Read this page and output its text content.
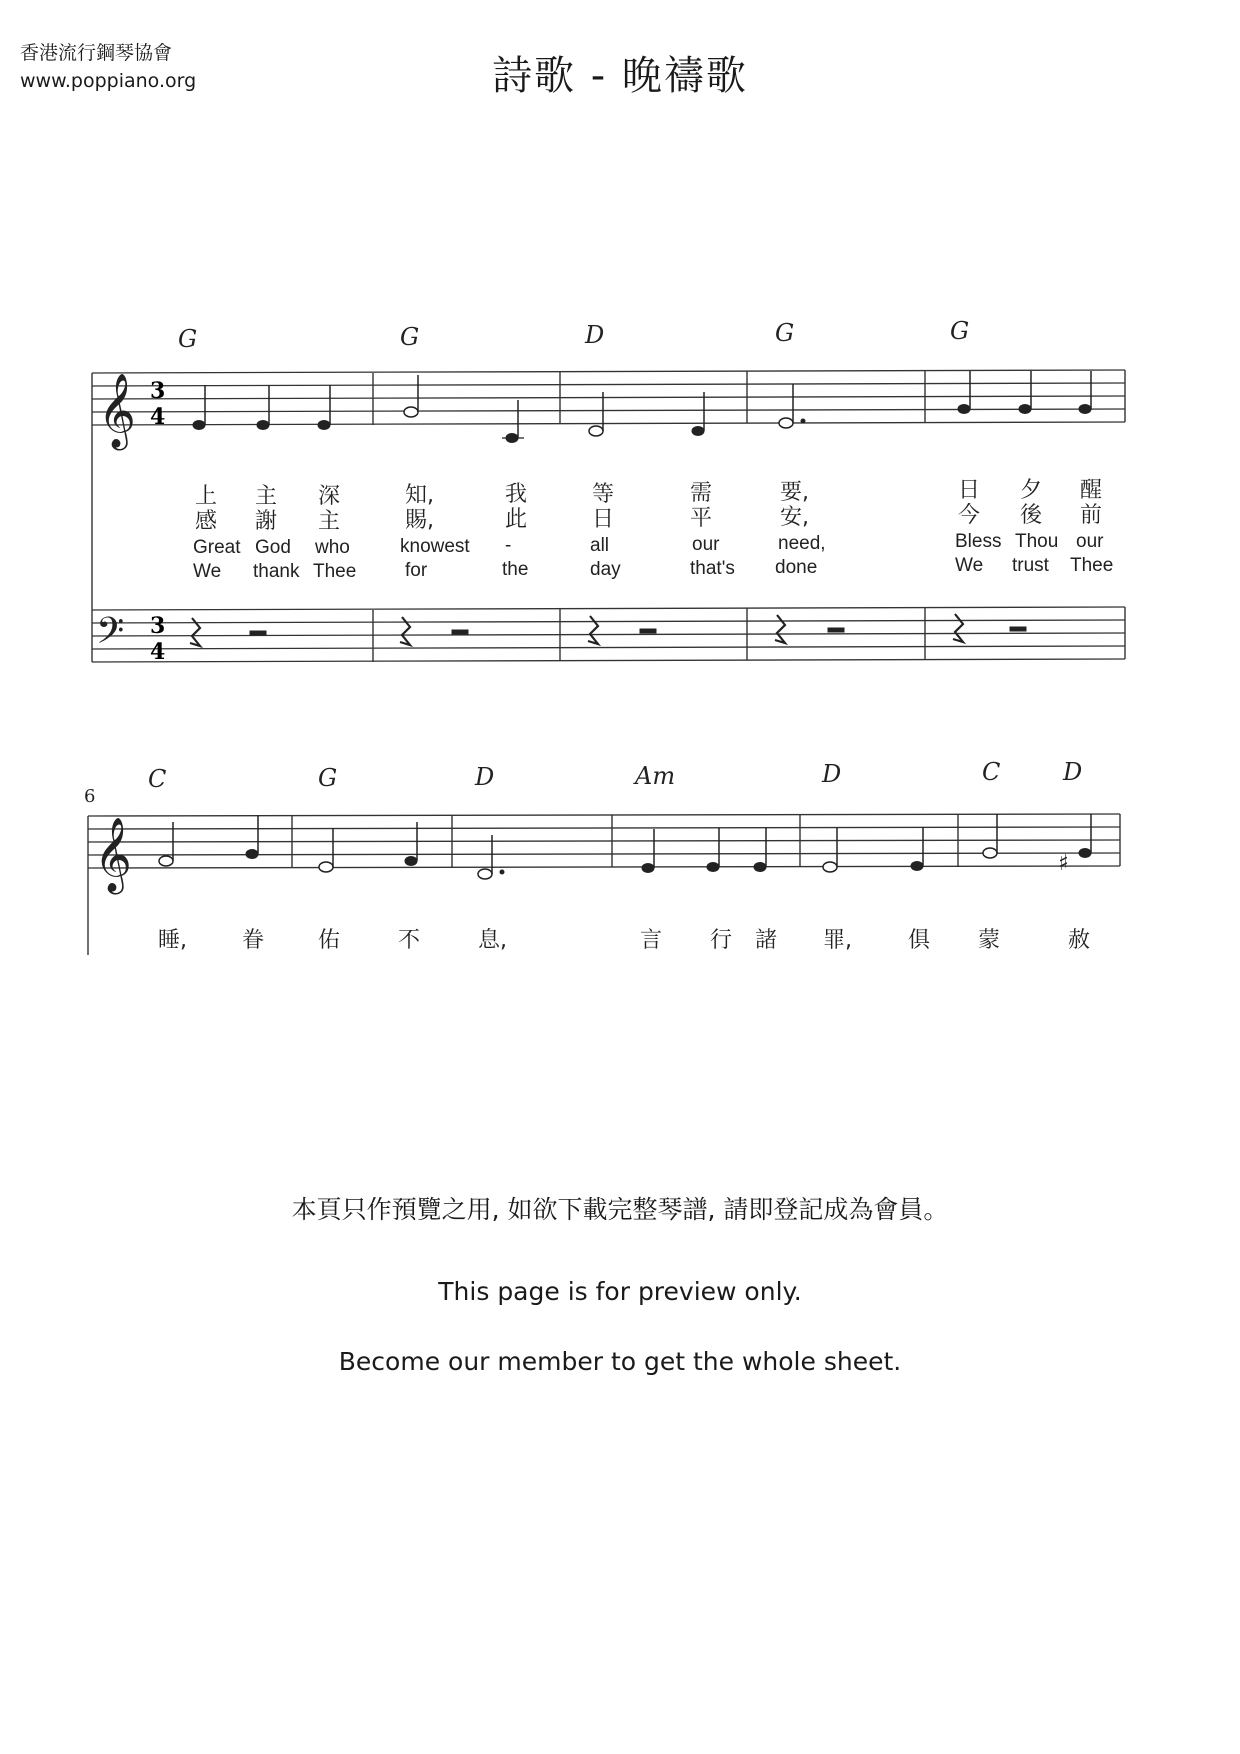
香港流行鋼琴協會
www.poppiano.org	詩歌 - 晚禱歌
G	G	D	G	G
𝄞 3
4
上 主 深	知,	我	等	需	要,	日 夕 醒
感 謝 主	賜,	此	日	平	安,	今 後 前
Great God who	knowest -	all	our	need,	Bless Thou our
We thank Thee	for	the	day	that's done	We trust Thee
𝄢 3
4
6
C	G	D	Am	D	C	D
𝄞	♯
睡,	眷 佑	不	息,	言 行 諸 罪,	俱 蒙	赦
本頁只作預覽之用, 如欲下載完整琴譜, 請即登記成為會員。
This page is for preview only.
Become our member to get the whole sheet.
